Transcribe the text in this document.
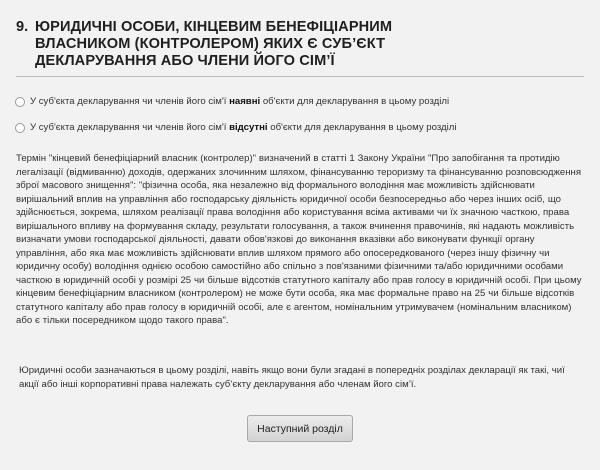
9. ЮРИДИЧНІ ОСОБИ, КІНЦЕВИМ БЕНЕФІЦІАРНИМ ВЛАСНИКОМ (КОНТРОЛЕРОМ) ЯКИХ Є СУБ’ЄКТ ДЕКЛАРУВАННЯ АБО ЧЛЕНИ ЙОГО СІМ’Ї
У суб'єкта декларування чи членів його сім'ї наявні об'єкти для декларування в цьому розділі
У суб'єкта декларування чи членів його сім'ї відсутні об'єкти для декларування в цьому розділі
Термін "кінцевий бенефіціарний власник (контролер)" визначений в статті 1 Закону України "Про запобігання та протидію легалізації (відмиванню) доходів, одержаних злочинним шляхом, фінансуванню тероризму та фінансуванню розповсюдження зброї масового знищення": "фізична особа, яка незалежно від формального володіння має можливість здійснювати вирішальний вплив на управління або господарську діяльність юридичної особи безпосередньо або через інших осіб, що здійснюється, зокрема, шляхом реалізації права володіння або користування всіма активами чи їх значною часткою, права вирішального впливу на формування складу, результати голосування, а також вчинення правочинів, які надають можливість визначати умови господарської діяльності, давати обов'язкові до виконання вказівки або виконувати функції органу управління, або яка має можливість здійснювати вплив шляхом прямого або опосередкованого (через іншу фізичну чи юридичну особу) володіння однією особою самостійно або спільно з пов'язаними фізичними та/або юридичними особами часткою в юридичній особі у розмірі 25 чи більше відсотків статутного капіталу або прав голосу в юридичній особі. При цьому кінцевим бенефіціарним власником (контролером) не може бути особа, яка має формальне право на 25 чи більше відсотків статутного капіталу або прав голосу в юридичній особі, але є агентом, номінальним утримувачем (номінальним власником) або є тільки посередником щодо такого права".
Юридичні особи зазначаються в цьому розділі, навіть якщо вони були згадані в попередніх розділах декларації як такі, чиї акції або інші корпоративні права належать суб’єкту декларування або членам його сім’ї.
Наступний розділ
